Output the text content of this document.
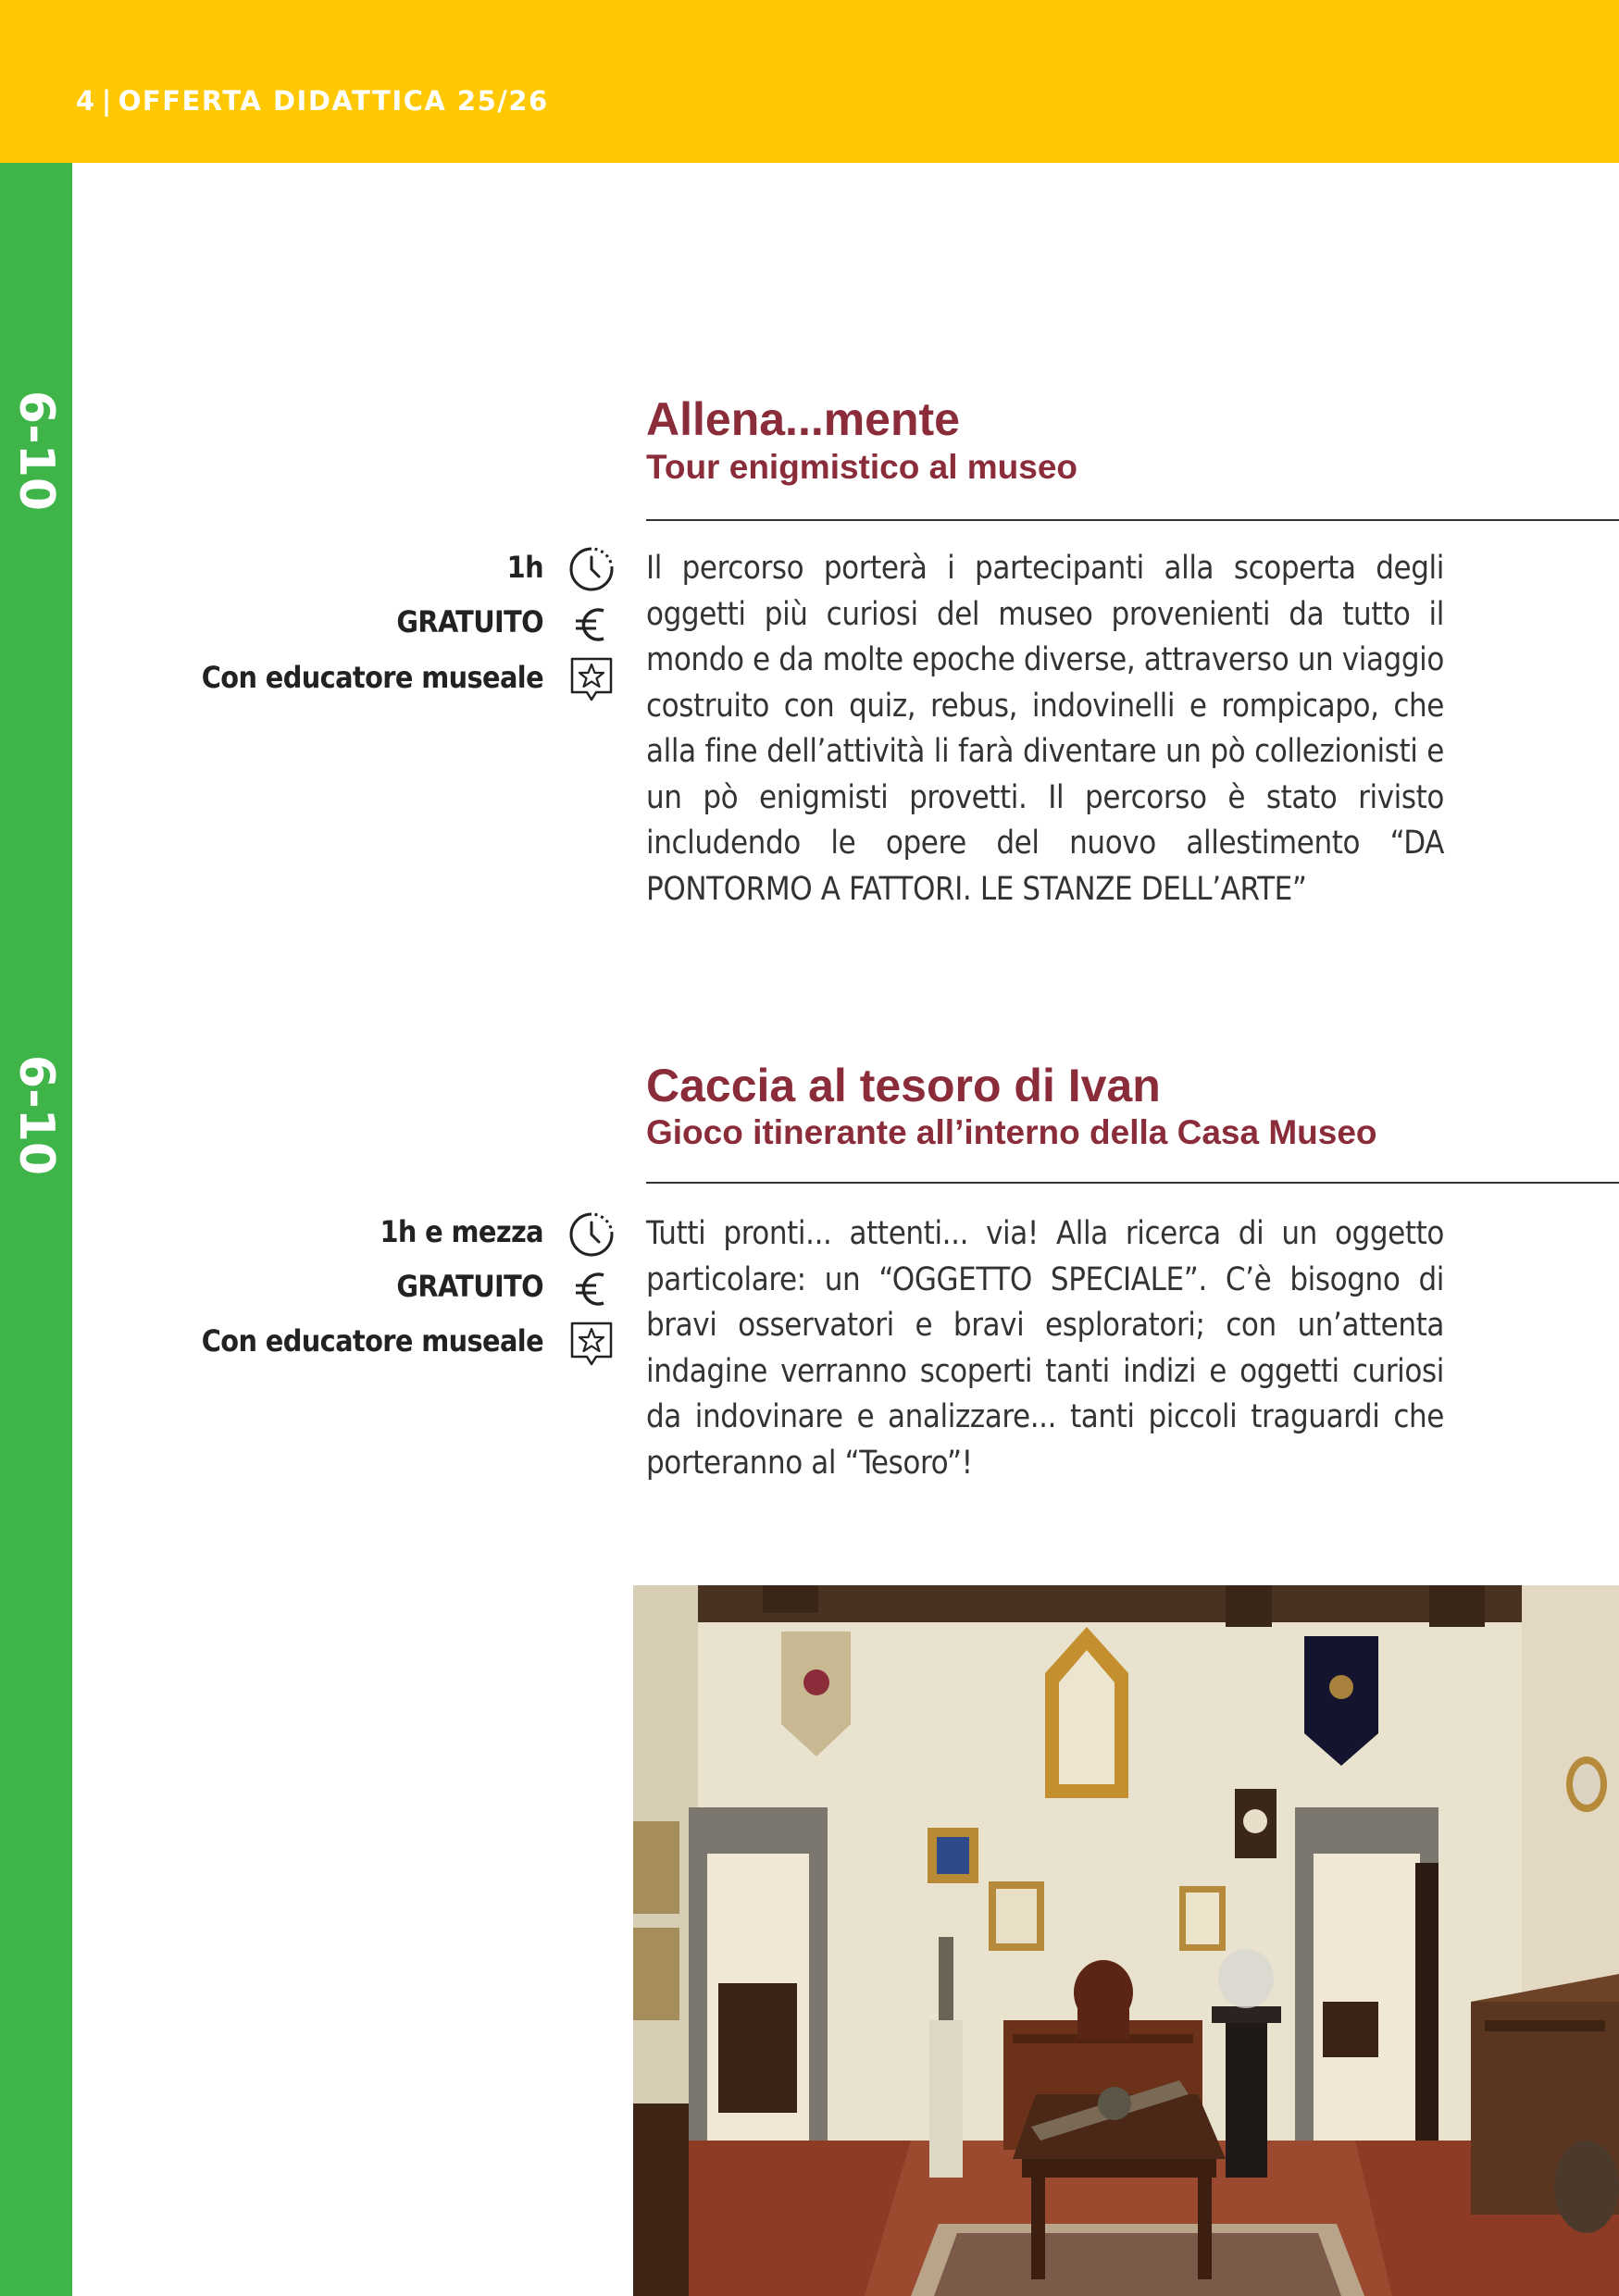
4 | OFFERTA DIDATTICA 25/26
6-10
6-10
Allena...mente
Tour enigmistico al museo
1h
GRATUITO
Con educatore museale
Il percorso porterà i partecipanti alla scoperta degli oggetti più curiosi del museo provenienti da tutto il mondo e da molte epoche diverse, attraverso un viaggio costruito con quiz, rebus, indovinelli e rompicapo, che alla fine dell’attività li farà diventare un pò collezionisti e un pò enigmisti provetti. Il percorso è stato rivisto includendo le opere del nuovo allestimento “DA PONTORMO A FATTORI. LE STANZE DELL’ARTE”
Caccia al tesoro di Ivan
Gioco itinerante all’interno della Casa Museo
1h e mezza
GRATUITO
Con educatore museale
Tutti pronti... attenti... via! Alla ricerca di un oggetto particolare: un “OGGETTO SPECIALE”. C’è bisogno di bravi osservatori e bravi esploratori; con un’attenta indagine verranno scoperti tanti indizi e oggetti curiosi da indovinare e analizzare... tanti piccoli traguardi che porteranno al “Tesoro”!
